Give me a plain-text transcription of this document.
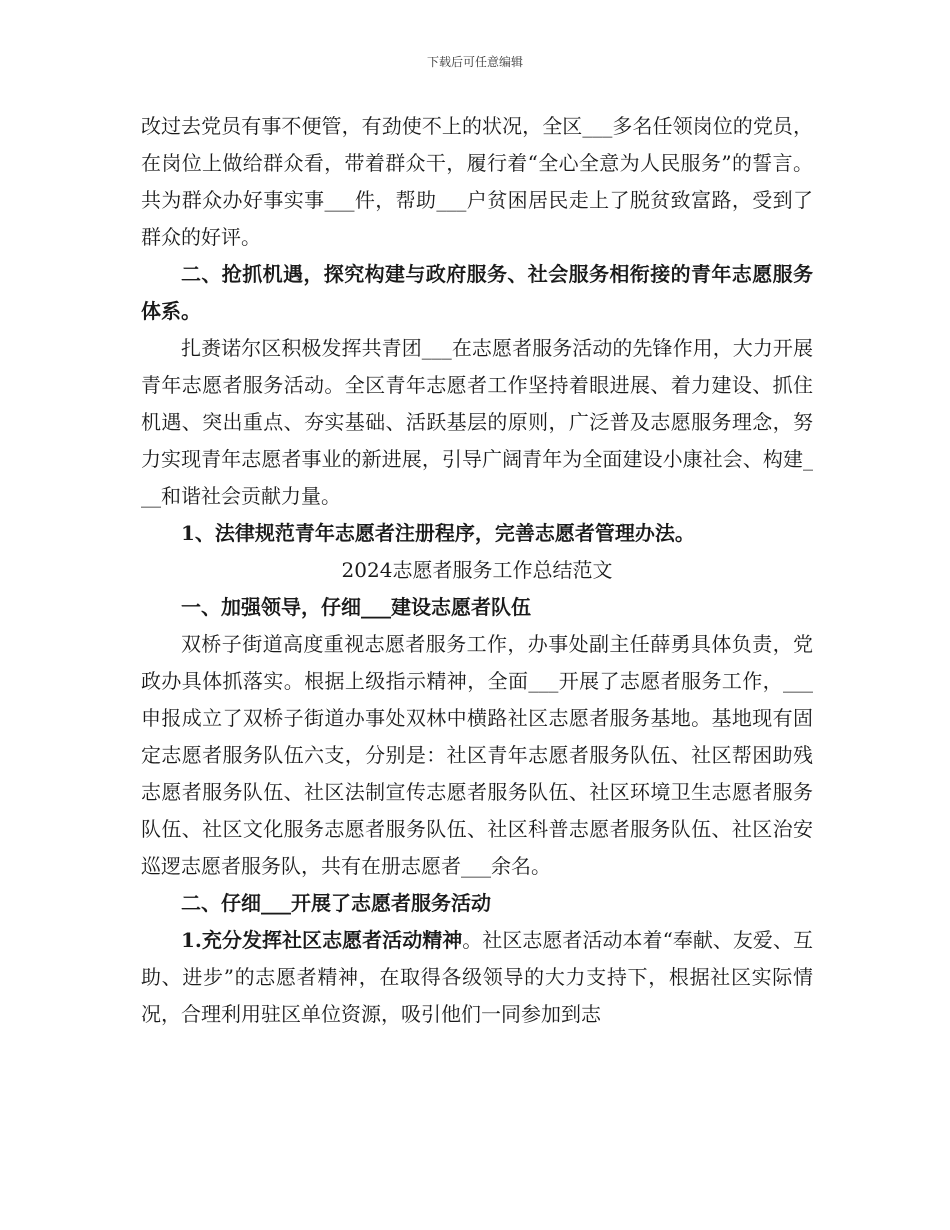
下载后可任意编辑

改过去党员有事不便管，有劲使不上的状况，全区___多名任领岗位的党员，在岗位上做给群众看，带着群众干，履行着“全心全意为人民服务”的誓言。共为群众办好事实事___件，帮助___户贫困居民走上了脱贫致富路，受到了群众的好评。

二、抢抓机遇，探究构建与政府服务、社会服务相衔接的青年志愿服务体系。

扎赉诺尔区积极发挥共青团___在志愿者服务活动的先锋作用，大力开展青年志愿者服务活动。全区青年志愿者工作坚持着眼进展、着力建设、抓住机遇、突出重点、夯实基础、活跃基层的原则，广泛普及志愿服务理念，努力实现青年志愿者事业的新进展，引导广阔青年为全面建设小康社会、构建___和谐社会贡献力量。

1、法律规范青年志愿者注册程序，完善志愿者管理办法。

2024志愿者服务工作总结范文

一、加强领导，仔细___建设志愿者队伍

双桥子街道高度重视志愿者服务工作，办事处副主任薛勇具体负责，党政办具体抓落实。根据上级指示精神，全面___开展了志愿者服务工作，___申报成立了双桥子街道办事处双林中横路社区志愿者服务基地。基地现有固定志愿者服务队伍六支，分别是：社区青年志愿者服务队伍、社区帮困助残志愿者服务队伍、社区法制宣传志愿者服务队伍、社区环境卫生志愿者服务队伍、社区文化服务志愿者服务队伍、社区科普志愿者服务队伍、社区治安巡逻志愿者服务队，共有在册志愿者___余名。

二、仔细___开展了志愿者服务活动

1.充分发挥社区志愿者活动精神。社区志愿者活动本着“奉献、友爱、互助、进步”的志愿者精神，在取得各级领导的大力支持下，根据社区实际情况，合理利用驻区单位资源，吸引他们一同参加到志
